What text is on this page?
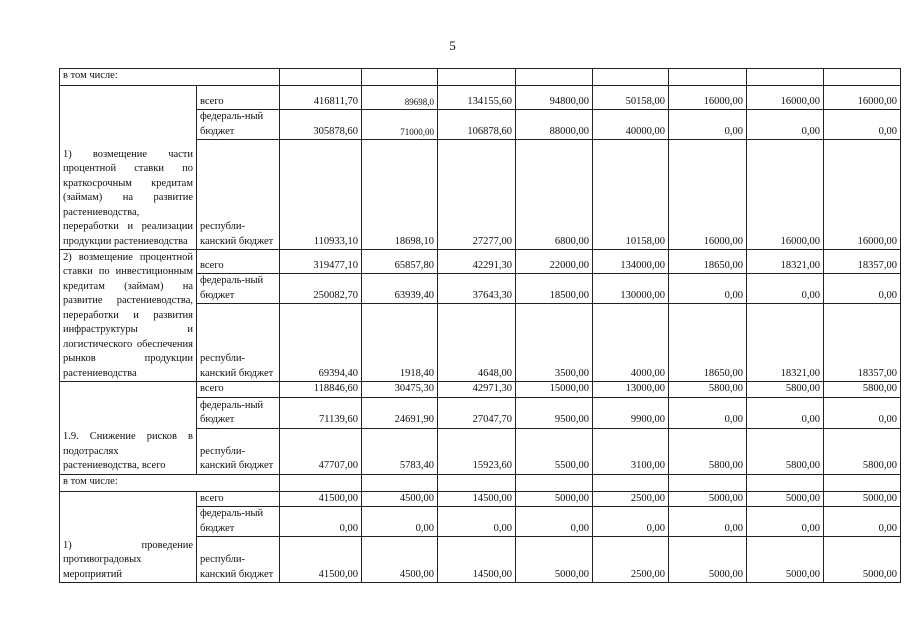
5
в том числе:									
1) возмещение части процентной ставки по краткосрочным кредитам (займам) на развитие растениеводства, переработки и реализации продукции растениеводства	всего	416811,70	89698,0	134155,60	94800,00	50158,00	16000,00	16000,00	16000,00
	федераль-ный бюджет	305878,60	71000,00	106878,60	88000,00	40000,00	0,00	0,00	0,00
	республи-канский бюджет	110933,10	18698,10	27277,00	6800,00	10158,00	16000,00	16000,00	16000,00
2) возмещение процентной ставки по инвестиционным кредитам (займам) на развитие растениеводства, переработки и развития инфраструктуры и логистического обеспечения рынков продукции растениеводства	всего	319477,10	65857,80	42291,30	22000,00	134000,00	18650,00	18321,00	18357,00
	федераль-ный бюджет	250082,70	63939,40	37643,30	18500,00	130000,00	0,00	0,00	0,00
	республи-канский бюджет	69394,40	1918,40	4648,00	3500,00	4000,00	18650,00	18321,00	18357,00
1.9. Снижение рисков в подотраслях растениеводства, всего	всего	118846,60	30475,30	42971,30	15000,00	13000,00	5800,00	5800,00	5800,00
	федераль-ный бюджет	71139,60	24691,90	27047,70	9500,00	9900,00	0,00	0,00	0,00
	республи-канский бюджет	47707,00	5783,40	15923,60	5500,00	3100,00	5800,00	5800,00	5800,00
в том числе:									
1) проведение противоградовых мероприятий	всего	41500,00	4500,00	14500,00	5000,00	2500,00	5000,00	5000,00	5000,00
	федераль-ный бюджет	0,00	0,00	0,00	0,00	0,00	0,00	0,00	0,00
	республи-канский бюджет	41500,00	4500,00	14500,00	5000,00	2500,00	5000,00	5000,00	5000,00
